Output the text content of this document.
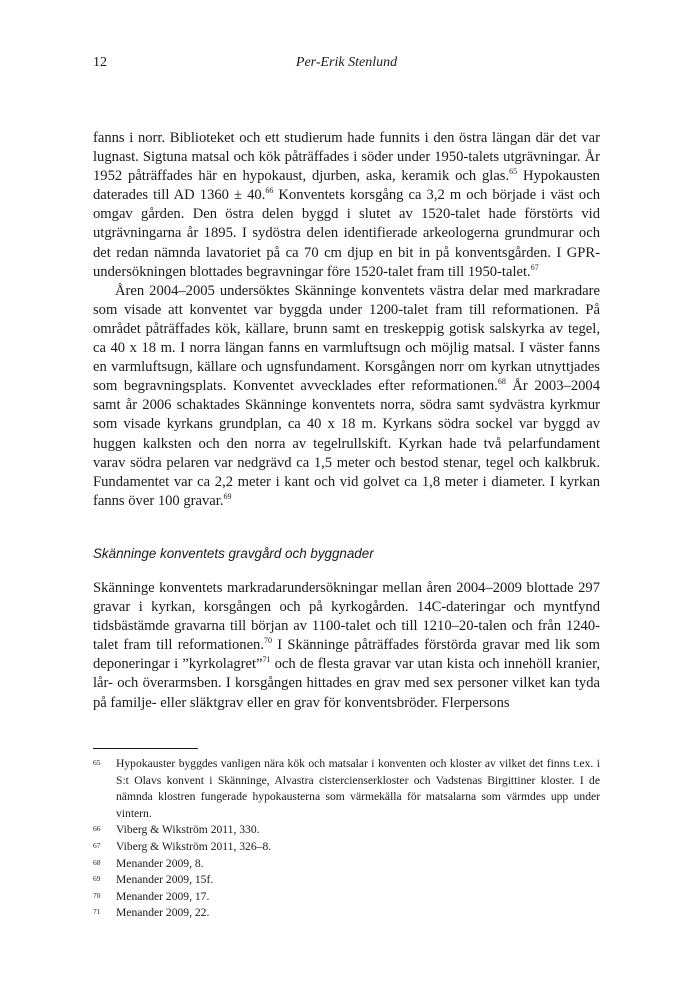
12	Per-Erik Stenlund

fanns i norr. Biblioteket och ett studierum hade funnits i den östra längan där det var lugnast. Sigtuna matsal och kök påträffades i söder under 1950-talets utgrävningar. År 1952 påträffades här en hypokaust, djurben, aska, keramik och glas.$^{65}$ Hypokausten daterades till AD 1360 ± 40.66 Konventets korsgång ca 3,2 m och började i väst och omgav gården. Den östra delen byggd i slutet av 1520-talet hade förstörts vid utgrävningarna år 1895. I sydöstra delen identifierade arkeologerna grundmurar och det redan nämnda lavatoriet på ca 70 cm djup en bit in på konventsgården. I GPR-undersökningen blottades begravningar före 1520-talet fram till 1950-talet.$^{67}$

Åren 2004–2005 undersöktes Skänninge konventets västra delar med markradare som visade att konventet var byggda under 1200-talet fram till reformationen. På området påträffades kök, källare, brunn samt en treskeppig gotisk salskyrka av tegel, ca 40 x 18 m. I norra längan fanns en varmluftsugn och möjlig matsal. I väster fanns en varmluftsugn, källare och ugnsfundament. Korsgången norr om kyrkan utnyttjades som begravningsplats. Konventet avvecklades efter reformationen.$^{68}$ År 2003–2004 samt år 2006 schaktades Skänninge konventets norra, södra samt sydvästra kyrkmur som visade kyrkans grundplan, ca 40 x 18 m. Kyrkans södra sockel var byggd av huggen kalksten och den norra av tegelrullskift. Kyrkan hade två pelarfundament varav södra pelaren var nedgrävd ca 1,5 meter och bestod stenar, tegel och kalkbruk. Fundamentet var ca 2,2 meter i kant och vid golvet ca 1,8 meter i diameter. I kyrkan fanns över 100 gravar.$^{69}$

Skänninge konventets gravgård och byggnader

Skänninge konventets markradarundersökningar mellan åren 2004–2009 blottade 297 gravar i kyrkan, korsgången och på kyrkogården. 14C-dateringar och myntfynd tidsbästämde gravarna till början av 1100-talet och till 1210–20-talen och från 1240-talet fram till reformationen.$^{70}$ I Skänninge påträffades förstörda gravar med lik som deponeringar i ”kyrkolagret”$^{71}$ och de flesta gravar var utan kista och innehöll kranier, lår- och överarmsben. I korsgången hittades en grav med sex personer vilket kan tyda på familje- eller släktgrav eller en grav för konventsbröder. Flerpersons

65 Hypokauster byggdes vanligen nära kök och matsalar i konventen och kloster av vilket det finns t.ex. i S:t Olavs konvent i Skänninge, Alvastra cistercienserkloster och Vadstenas Birgittiner kloster. I de nämnda klostren fungerade hypokausterna som värmekälla för matsalarna som värmdes upp under vintern.
66 Viberg & Wikström 2011, 330.
67 Viberg & Wikström 2011, 326–8.
68 Menander 2009, 8.
69 Menander 2009, 15f.
70 Menander 2009, 17.
71 Menander 2009, 22.
